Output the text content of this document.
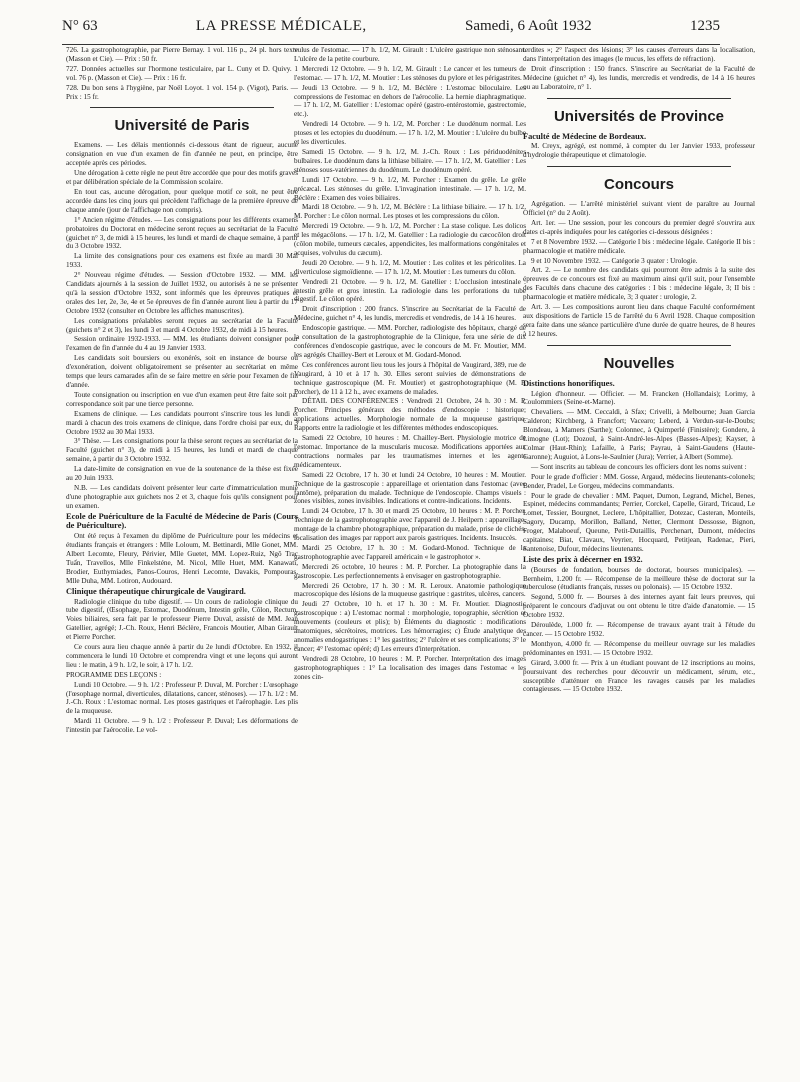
N° 63	LA PRESSE MÉDICALE,	Samedi, 6 Août 1932	1235

726. La gastrophotographie, par Pierre Bernay. 1 vol. 116 p., 24 pl. hors texte (Masson et Cie). — Prix : 50 fr.

727. Données actuelles sur l'hormone testiculaire, par L. Cuny et D. Quivy. 1 vol. 76 p. (Masson et Cie). — Prix : 16 fr.

728. Du bon sens à l'hygiène, par Noël Loyot. 1 vol. 154 p. (Vigot), Paris. — Prix : 15 fr.

Université de Paris

Examens. — Les délais mentionnés ci-dessous étant de rigueur, aucune consignation en vue d'un examen de fin d'année ne peut, en principe, être acceptée après ces périodes.

Une dérogation à cette règle ne peut être accordée que pour des motifs graves et par délibération spéciale de la Commission scolaire.

En tout cas, aucune dérogation, pour quelque motif ce soit, ne peut être accordée dans les cinq jours qui précèdent l'affichage de la première épreuve de chaque année (jour de l'affichage non compris).

1° Ancien régime d'études. — Les consignations pour les différents examens probatoires du Doctorat en médecine seront reçues au secrétariat de la Faculté (guichet n° 3, de midi à 15 heures, les lundi et mardi de chaque semaine, à partir du 3 Octobre 1932.

La limite des consignations pour ces examens est fixée au mardi 30 Mai 1933.

2° Nouveau régime d'études. — Session d'Octobre 1932. — MM. les Candidats ajournés à la session de Juillet 1932, ou autorisés à ne se présenter qu'à la session d'Octobre 1932, sont informés que les épreuves pratiques et orales des 1er, 2e, 3e, 4e et 5e épreuves de fin d'année auront lieu à partir du 17 Octobre 1932 (consulter en Octobre les affiches manuscrites).

Les consignations préalables seront reçues au secrétariat de la Faculté (guichets n° 2 et 3), les lundi 3 et mardi 4 Octobre 1932, de midi à 15 heures.

Session ordinaire 1932-1933. — MM. les étudiants doivent consigner pour l'examen de fin d'année du 4 au 19 Janvier 1933.

Les candidats soit boursiers ou exonérés, soit en instance de bourse ou d'exonération, doivent obligatoirement se présenter au secrétariat en même temps que leurs camarades afin de se faire mettre en série pour l'examen de fin d'année.

Toute consignation ou inscription en vue d'un examen peut être faite soit par correspondance soit par une tierce personne.

Examens de clinique. — Les candidats pourront s'inscrire tous les lundi et mardi à chacun des trois examens de clinique, dans l'ordre choisi par eux, du 3 Octobre 1932 au 30 Mai 1933.

3° Thèse. — Les consignations pour la thèse seront reçues au secrétariat de la Faculté (guichet n° 3), de midi à 15 heures, les lundi et mardi de chaque semaine, à partir du 3 Octobre 1932.

La date-limite de consignation en vue de la soutenance de la thèse est fixée au 20 Juin 1933.

N.B. — Les candidats doivent présenter leur carte d'immatriculation munie d'une photographie aux guichets nos 2 et 3, chaque fois qu'ils consignent pour un examen.

Ecole de Puériculture de la Faculté de Médecine de Paris (Cours de Puériculture).

Ont été reçus à l'examen du diplôme de Puériculture pour les médecins et étudiants français et étrangers : Mlle Loloum, M. Bettinardi, Mlle Gonet, MM. Albert Lecomte, Fleury, Périvier, Mlle Guetet, MM. Lopez-Ruiz, Ngô Trac Tuấn, Travellos, Mlle Finkelsténe, M. Nicol, Mlle Huet, MM. Kanawati, Brodier, Euthymiades, Panos-Couros, Henri Lecomte, Davakis, Pompouras, Mlle Duha, MM. Lotiron, Audouard.

Clinique thérapeutique chirurgicale de Vaugirard.

Radiologie clinique du tube digestif. — Un cours de radiologie clinique du tube digestif, (Œsophage, Estomac, Duodénum, Intestin grêle, Côlon, Rectum, Voies biliaires, sera fait par le professeur Pierre Duval, assisté de MM. Jean Gatellier, agrégé; J.-Ch. Roux, Henri Béclère, Francois Moutier, Alban Girault et Pierre Porcher.

Ce cours aura lieu chaque année à partir du 2e lundi d'Octobre. En 1932, il commencera le lundi 10 Octobre et comprendra vingt et une leçons qui auront lieu : le matin, à 9 h. 1/2, le soir, à 17 h. 1/2.

PROGRAMME DES LEÇONS :

Lundi 10 Octobre. — 9 h. 1/2 : Professeur P. Duval, M. Porcher : L'œsophage (l'œsophage normal, diverticules, dilatations, cancer, sténoses). — 17 h. 1/2 : M. J.-Ch. Roux : L'estomac normal. Les ptoses gastriques et l'aérophagie. Les plis de la muqueuse.

Mardi 11 Octobre. — 9 h. 1/2 : Professeur P. Duval; Les déformations de l'intestin par l'aérocolie. Le vol-

vulus de l'estomac. — 17 h. 1/2, M. Girault : L'ulcère gastrique non sténosant. L'ulcère de la petite courbure.

Mercredi 12 Octobre. — 9 h. 1/2, M. Girault : Le cancer et les tumeurs de l'estomac. — 17 h. 1/2, M. Moutier : Les sténoses du pylore et les périgastrites.

Jeudi 13 Octobre. — 9 h. 1/2, M. Béclère : L'estomac biloculaire. Les compressions de l'estomac en dehors de l'aérocolie. La hernie diaphragmatique. — 17 h. 1/2, M. Gatellier : L'estomac opéré (gastro-entérostomie, gastrectomie, etc.).

Vendredi 14 Octobre. — 9 h. 1/2, M. Porcher : Le duodénum normal. Les ptoses et les ectopies du duodénum. — 17 h. 1/2, M. Moutier : L'ulcère du bulbe et les diverticules.

Samedi 15 Octobre. — 9 h. 1/2, M. J.-Ch. Roux : Les périduodénites bulbaires. Le duodénum dans la lithiase biliaire. — 17 h. 1/2, M. Gatellier : Les sténoses sous-vatériennes du duodénum. Le duodénum opéré.

Lundi 17 Octobre. — 9 h. 1/2, M. Porcher : Examen du grêle. Le grêle précæcal. Les sténoses du grêle. L'invagination intestinale. — 17 h. 1/2, M. Béclère : Examen des voies biliaires.

Mardi 18 Octobre. — 9 h. 1/2, M. Béclère : La lithiase biliaire. — 17 h. 1/2, M. Porcher : Le côlon normal. Les ptoses et les compressions du côlon.

Mercredi 19 Octobre. — 9 h. 1/2, M. Porcher : La stase colique. Les dolicos et les mégacôlons. — 17 h. 1/2, M. Gatellier : La radiologie du cæcocôlon droit (côlon mobile, tumeurs cæcales, appendicites, les malformations congénitales et acquises, volvulus du cæcum).

Jeudi 20 Octobre. — 9 h. 1/2, M. Moutier : Les colites et les péricolites. La diverticulose sigmoïdienne. — 17 h. 1/2, M. Moutier : Les tumeurs du côlon.

Vendredi 21 Octobre. — 9 h. 1/2, M. Gatellier : L'occlusion intestinale : intestin grêle et gros intestin. La radiologie dans les perforations du tube digestif. Le côlon opéré.

Droit d'inscription : 200 francs. S'inscrire au Secrétariat de la Faculté de Médecine, guichet n° 4, les lundis, mercredis et vendredis, de 14 à 16 heures.

Endoscopie gastrique. — MM. Porcher, radiologiste des hôpitaux, chargé de la consultation de la gastrophotographie de la Clinique, fera une série de dix conférences d'endoscopie gastrique, avec le concours de M. Fr. Moutier, MM. les agrégés Chailley-Bert et Leroux et M. Godard-Monod.

Ces conférences auront lieu tous les jours à l'hôpital de Vaugirard, 389, rue de Vaugirard, à 10 et à 17 h. 30. Elles seront suivies de démonstrations de technique gastroscopique (M. Fr. Moutier) et gastrophotographique (M. P. Porcher), de 11 à 12 h., avec examens de malades.

DÉTAIL DES CONFÉRENCES : Vendredi 21 Octobre, 24 h. 30 : M. P. Porcher. Principes généraux des méthodes d'endoscopie : historique; applications actuelles. Morphologie normale de la muqueuse gastrique. Rapports entre la radiologie et les différentes méthodes endoscopiques.

Samedi 22 Octobre, 10 heures : M. Chailley-Bert. Physiologie motrice de l'estomac. Importance de la muscularis mucosæ. Modifications apportées aux contractions normales par les traumatismes internes et les agents médicamenteux.

Samedi 22 Octobre, 17 h. 30 et lundi 24 Octobre, 10 heures : M. Moutier. Technique de la gastroscopie : appareillage et orientation dans l'estomac (avec fantôme), préparation du malade. Technique de l'endoscopie. Champs visuels : zones visibles, zones invisibles. Indications et contre-indications. Incidents.

Lundi 24 Octobre, 17 h. 30 et mardi 25 Octobre, 10 heures : M. P. Porcher. Technique de la gastrophotographie avec l'appareil de J. Heilpern : appareillage, montage de la chambre photographique, préparation du malade, prise de clichés, localisation des images par rapport aux parois gastriques. Incidents. Insuccès.

Mardi 25 Octobre, 17 h. 30 : M. Godard-Monod. Technique de la gastrophotographie avec l'appareil américain « le gastrophotor ».

Mercredi 26 octobre, 10 heures : M. P. Porcher. La photographie dans la gastroscopie. Les perfectionnements à envisager en gastrophotographie.

Mercredi 26 Octobre, 17 h. 30 : M. R. Leroux. Anatomie pathologique macroscopique des lésions de la muqueuse gastrique : gastrites, ulcères, cancers.

Jeudi 27 Octobre, 10 h. et 17 h. 30 : M. Fr. Moutier. Diagnostic gastroscopique : a) L'estomac normal : morphologie, topographie, sécrétion et mouvements (couleurs et plis); b) Éléments du diagnostic : modifications anatomiques, sécrétoires, motrices. Les hémorragies; c) Étude analytique des anomalies endogastriques : 1° les gastrites; 2° l'ulcère et ses complications; 3° le cancer; 4° l'estomac opéré; d) Les erreurs d'interprétation.

Vendredi 28 Octobre, 10 heures : M. P. Porcher. Interprétation des images gastrophotographiques : 1° La localisation des images dans l'estomac « les zones cin-

terdites »; 2° l'aspect des lésions; 3° les causes d'erreurs dans la localisation, dans l'interprétation des images (le mucus, les effets de réfraction).

Droit d'inscription : 150 francs. S'inscrire au Secrétariat de la Faculté de Médecine (guichet n° 4), les lundis, mercredis et vendredis, de 14 à 16 heures ou au Laboratoire, n° 1.

Universités de Province

Faculté de Médecine de Bordeaux.

M. Creyx, agrégé, est nommé, à compter du 1er Janvier 1933, professeur d'hydrologie thérapeutique et climatologie.

Concours

Agrégation. — L'arrêté ministériel suivant vient de paraître au Journal Officiel (n° du 2 Août).

Art. 1er. — Une session, pour les concours du premier degré s'ouvrira aux dates ci-après indiquées pour les catégories ci-dessous désignées :

7 et 8 Novembre 1932. — Catégorie I bis : médecine légale. Catégorie II bis : pharmacologie et matière médicale.

9 et 10 Novembre 1932. — Catégorie 3 quater : Urologie.

Art. 2. — Le nombre des candidats qui pourront être admis à la suite des épreuves de ce concours est fixé au maximum ainsi qu'il suit, pour l'ensemble des Facultés dans chacune des catégories : I bis : médecine légale, 3; II bis : pharmacologie et matière médicale, 3; 3 quater : urologie, 2.

Art. 3. — Les compositions auront lieu dans chaque Faculté conformément aux dispositions de l'article 15 de l'arrêté du 6 Avril 1928. Chaque composition sera faite dans une séance particulière d'une durée de quatre heures, de 8 heures à 12 heures.

Nouvelles

Distinctions honorifiques.

Légion d'honneur. — Officier. — M. Francken (Hollandais); Lorimy, à Coulommiers (Seine-et-Marne).

Chevaliers. — MM. Ceccaldi, à Sfax; Crivelli, à Melbourne; Juan Garcia Calderon; Kirchberg, à Francfort; Vacearo; Leberd, à Verdun-sur-le-Doubs; Blondeau, à Mamers (Sarthe); Colonnec, à Quimperlé (Finistère); Gondere, à Limogne (Lot); Dozoul, à Saint-André-les-Alpes (Basses-Alpes); Kayser, à Colmar (Haut-Rhin); Lafaille, à Paris; Payrau, à Saint-Gaudens (Haute-Garonne); Auguiot, à Lons-le-Saulnier (Jura); Verrier, à Albert (Somme).

— Sont inscrits au tableau de concours les officiers dont les noms suivent :

Pour le grade d'officier : MM. Gosse, Argaud, médecins lieutenants-colonels; Bender, Pradel, Le Gorgeu, médecins commandants.

Pour le grade de chevalier : MM. Paquet, Dumon, Legrand, Michel, Benes, Espinet, médecins commandants; Perrier, Corckel, Capelle, Girard, Tricaud, Le Lomet, Tessier, Bourgnet, Leclere, L'hôpitallier, Dotezac, Casteran, Monteils, Sagory, Ducamp, Morillon, Balland, Netter, Clermont Dessosse, Bignon, Froger, Malaboeuf, Queune, Petit-Dutaillis, Perchenart, Dumont, médecins capitaines; Biat, Clavaux, Veyrier, Hocquard, Petitjean, Radenac, Pieri, Santenoise, Dufour, médecins lieutenants.

Liste des prix à décerner en 1932.

(Bourses de fondation, bourses de doctorat, bourses municipales). — Bernheim, 1.200 fr. — Récompense de la meilleure thèse de doctorat sur la tuberculose (étudiants français, russes ou polonais). — 15 Octobre 1932.

Segond, 5.000 fr. — Bourses à des internes ayant fait leurs preuves, qui préparent le concours d'adjuvat ou ont obtenu le titre d'aide d'anatomie. — 15 Octobre 1932.

Déroulède, 1.000 fr. — Récompense de travaux ayant trait à l'étude du cancer. — 15 Octobre 1932.

Monthyon, 4.000 fr. — Récompense du meilleur ouvrage sur les maladies prédominantes en 1931. — 15 Octobre 1932.

Girard, 3.000 fr. — Prix à un étudiant pouvant de 12 inscriptions au moins, poursuivant des recherches pour découvrir un médicament, sérum, etc., susceptible d'atténuer en France les ravages causés par les maladies contagieuses. — 15 Octobre 1932.
